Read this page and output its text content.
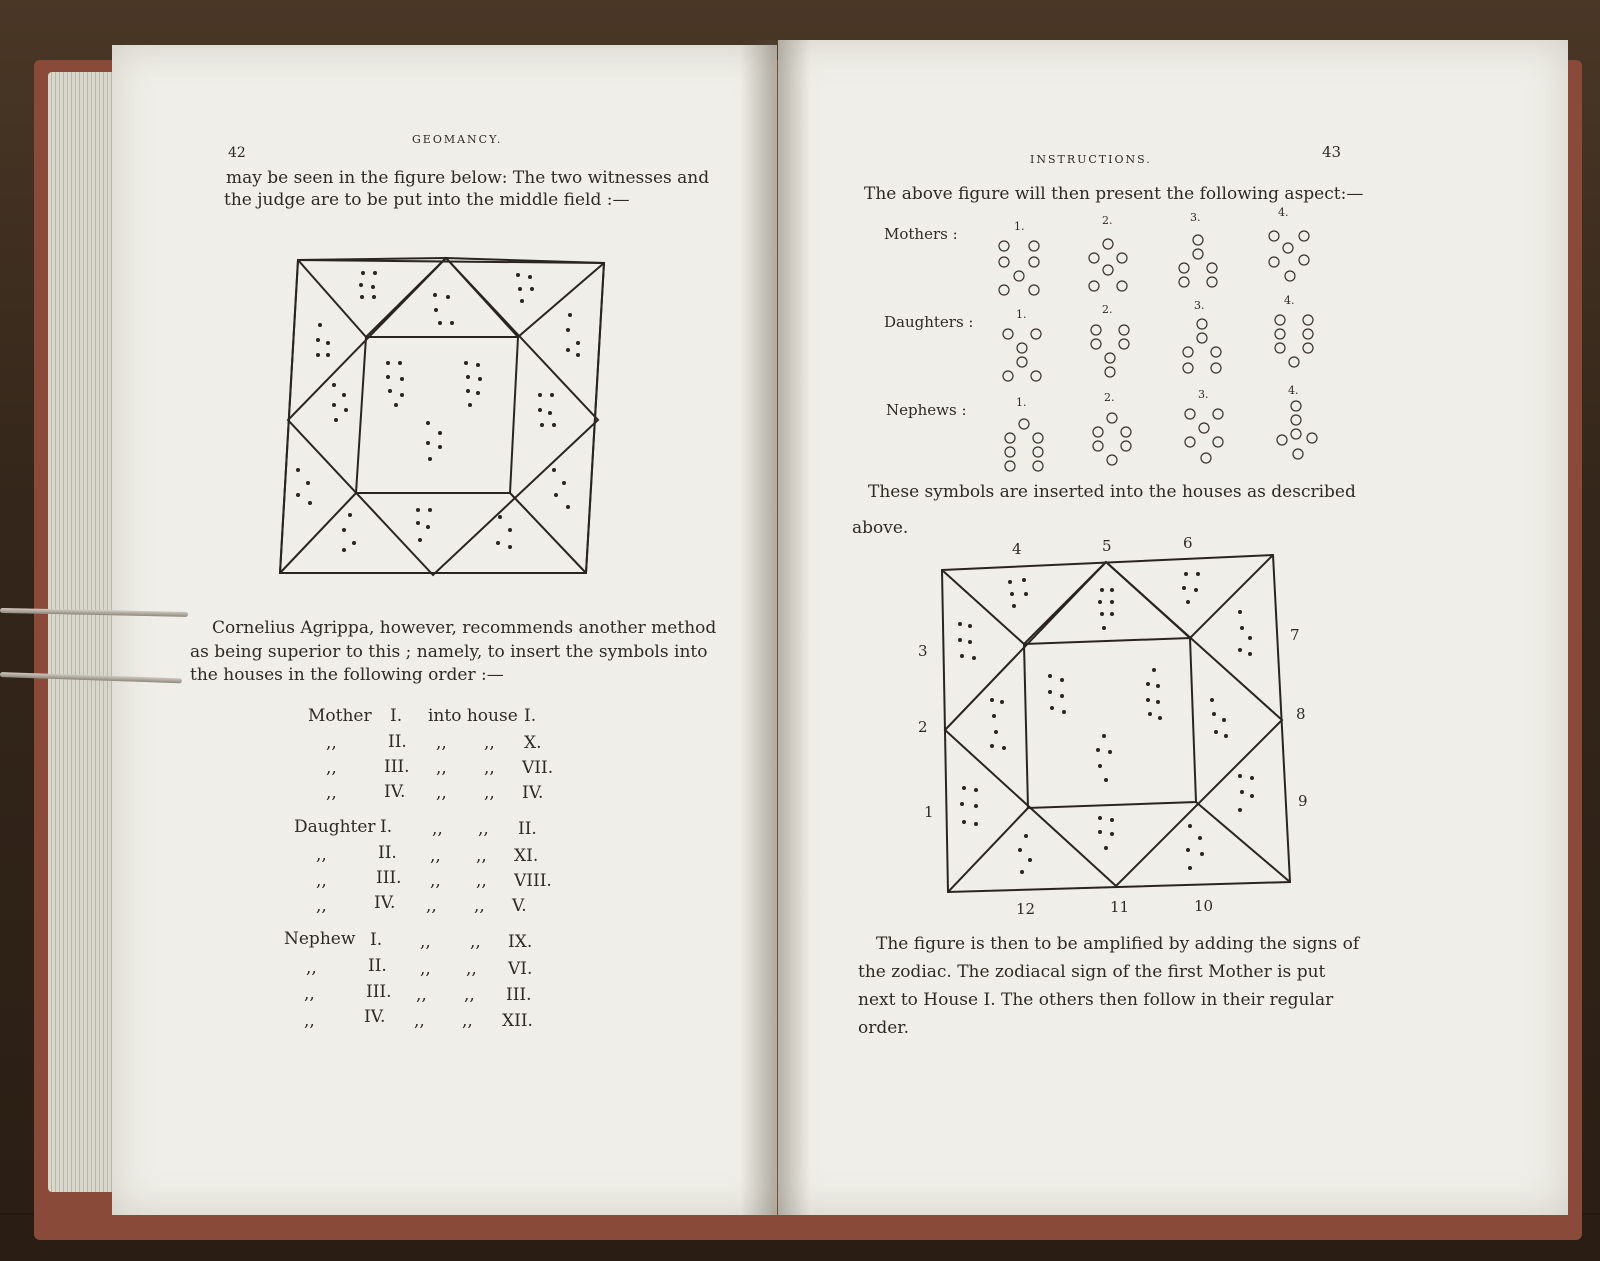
42
GEOMANCY.
may be seen in the figure below: The two witnesses and
the judge are to be put into the middle field :—
Cornelius Agrippa, however, recommends another method
as being superior to this ; namely, to insert the symbols into
the houses in the following order :—
Mother I. into house I.
,,	II. ,, ,, X.
,,	III. ,, ,, VII.
,,	IV. ,, ,, IV.
Daughter I. ,, ,, II.
,,	II. ,, ,, XI.
,,	III. ,, ,, VIII.
,,	IV. ,, ,, V.
Nephew I. ,, ,, IX.
,,	II. ,, ,, VI.
,,	III. ,, ,, III.
,,	IV. ,, ,, XII.
43
INSTRUCTIONS.
The above figure will then present the following aspect:—
Mothers :
Daughters :
Nephews :
1.	2.	3.	4.
1.	2.	3.	4.
1.	2.	3.	4.
These symbols are inserted into the houses as described
above.
4	5	6
3
2
1
7
8
9
12	11	10
The figure is then to be amplified by adding the signs of
the zodiac. The zodiacal sign of the first Mother is put
next to House I. The others then follow in their regular
order.
